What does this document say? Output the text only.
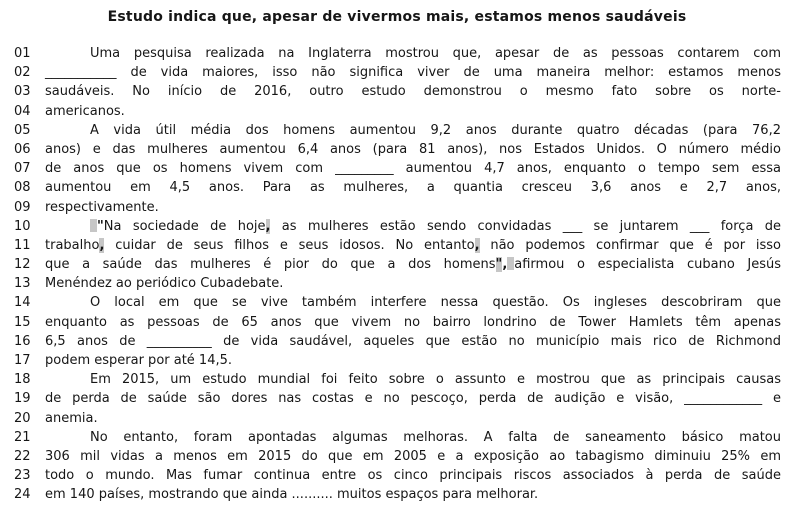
Estudo indica que, apesar de vivermos mais, estamos menos saudáveis
01	Uma pesquisa realizada na Inglaterra mostrou que, apesar de as pessoas contarem com
02	___________ de vida maiores, isso não significa viver de uma maneira melhor: estamos menos
03	saudáveis. No início de 2016, outro estudo demonstrou o mesmo fato sobre os norte-
04	americanos.
05	A vida útil média dos homens aumentou 9,2 anos durante quatro décadas (para 76,2
06	anos) e das mulheres aumentou 6,4 anos (para 81 anos), nos Estados Unidos. O número médio
07	de anos que os homens vivem com _________ aumentou 4,7 anos, enquanto o tempo sem essa
08	aumentou em 4,5 anos. Para as mulheres, a quantia cresceu 3,6 anos e 2,7 anos,
09	respectivamente.
10	"Na sociedade de hoje, as mulheres estão sendo convidadas ___ se juntarem ___ força de
11	trabalho, cuidar de seus filhos e seus idosos. No entanto, não podemos confirmar que é por isso
12	que a saúde das mulheres é pior do que a dos homens", afirmou o especialista cubano Jesús
13	Menéndez ao periódico Cubadebate.
14	O local em que se vive também interfere nessa questão. Os ingleses descobriram que
15	enquanto as pessoas de 65 anos que vivem no bairro londrino de Tower Hamlets têm apenas
16	6,5 anos de __________ de vida saudável, aqueles que estão no município mais rico de Richmond
17	podem esperar por até 14,5.
18	Em 2015, um estudo mundial foi feito sobre o assunto e mostrou que as principais causas
19	de perda de saúde são dores nas costas e no pescoço, perda de audição e visão, ____________ e
20	anemia.
21	No entanto, foram apontadas algumas melhoras. A falta de saneamento básico matou
22	306 mil vidas a menos em 2015 do que em 2005 e a exposição ao tabagismo diminuiu 25% em
23	todo o mundo. Mas fumar continua entre os cinco principais riscos associados à perda de saúde
24	em 140 países, mostrando que ainda .......... muitos espaços para melhorar.
